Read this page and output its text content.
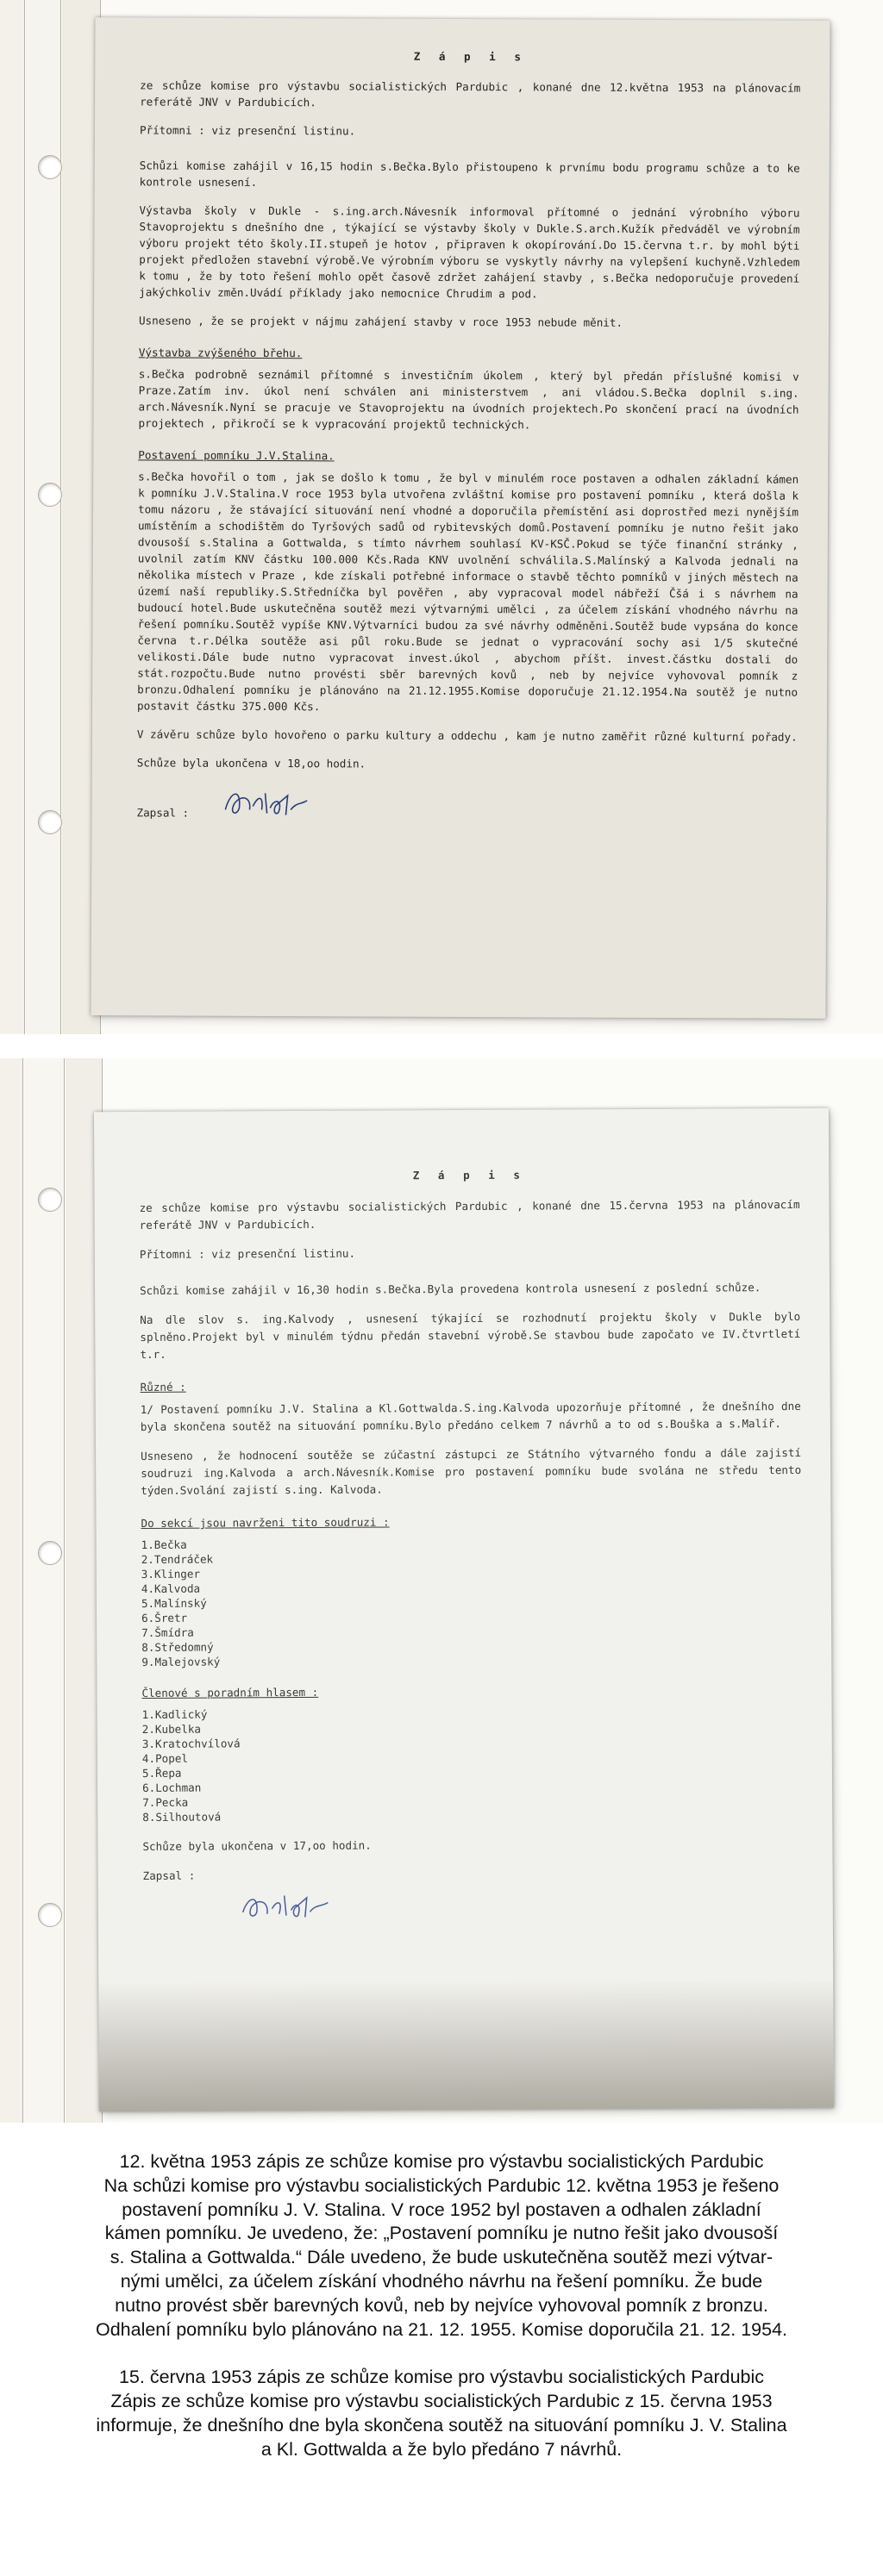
Z á p i s

ze schůze komise pro výstavbu socialistických Pardubic , konané dne 12.května 1953 na plánovacím referátě JNV v Pardubicích.

Přítomni : viz presenční listinu.

Schůzi komise zahájil v 16,15 hodin s.Bečka.Bylo přistoupeno k prvnímu bodu programu schůze a to ke kontrole usnesení.

Výstavba školy v Dukle - s.ing.arch.Návesník informoval přítomné o jednání výrobního výboru Stavoprojektu s dnešního dne , týkající se výstavby školy v Dukle.S.arch.Kužík předváděl ve výrobním výboru projekt této školy.II.stupeň je hotov , připraven k okopírování.Do 15.června t.r. by mohl býti projekt předložen stavební výrobě.Ve výrobním výboru se vyskytly návrhy na vylepšení kuchyně.Vzhledem k tomu , že by toto řešení mohlo opět časově zdržet zahájení stavby , s.Bečka nedoporučuje provedení jakýchkoliv změn.Uvádí příklady jako nemocnice Chrudim a pod.

Usneseno , že se projekt v nájmu zahájení stavby v roce 1953 nebude měnit.

Výstavba zvýšeného břehu.

s.Bečka podrobně seznámil přítomné s investičním úkolem , který byl předán příslušné komisi v Praze.Zatím inv. úkol není schválen ani ministerstvem , ani vládou.S.Bečka doplnil s.ing. arch.Návesník.Nyní se pracuje ve Stavoprojektu na úvodních projektech.Po skončení prací na úvodních projektech , přikročí se k vypracování projektů technických.

Postavení pomníku J.V.Stalina.

s.Bečka hovořil o tom , jak se došlo k tomu , že byl v minulém roce postaven a odhalen základní kámen k pomníku J.V.Stalina.V roce 1953 byla utvořena zvláštní komise pro postavení pomníku , která došla k tomu názoru , že stávající situování není vhodné a doporučila přemístění asi doprostřed mezi nynějším umístěním a schodištěm do Tyršových sadů od rybitevských domů.Postavení pomníku je nutno řešit jako dvousoší s.Stalina a Gottwalda, s tímto návrhem souhlasí KV-KSČ.Pokud se týče finanční stránky , uvolnil zatím KNV částku 100.000 Kčs.Rada KNV uvolnění schválila.S.Malínský a Kalvoda jednali na několika místech v Praze , kde získali potřebné informace o stavbě těchto pomníků v jiných městech na území naší republiky.S.Středníčka byl pověřen , aby vypracoval model nábřeží Čšá i s návrhem na budoucí hotel.Bude uskutečněna soutěž mezi výtvarnými umělci , za účelem získání vhodného návrhu na řešení pomníku.Soutěž vypíše KNV.Výtvarníci budou za své návrhy odměněni.Soutěž bude vypsána do konce června t.r.Délka soutěže asi půl roku.Bude se jednat o vypracování sochy asi 1/5 skutečné velikosti.Dále bude nutno vypracovat invest.úkol , abychom příšt. invest.částku dostali do stát.rozpočtu.Bude nutno provésti sběr barevných kovů , neb by nejvíce vyhovoval pomník z bronzu.Odhalení pomníku je plánováno na 21.12.1955.Komise doporučuje 21.12.1954.Na soutěž je nutno postavit částku 375.000 Kčs.

V závěru schůze bylo hovořeno o parku kultury a oddechu , kam je nutno zaměřit různé kulturní pořady.

Schůze byla ukončena v 18,oo hodin.

Zapsal :
Z á p i s

ze schůze komise pro výstavbu socialistických Pardubic , konané dne 15.června 1953 na plánovacím referátě JNV v Pardubicích.

Přítomni : viz presenční listinu.

Schůzi komise zahájil v 16,30 hodin s.Bečka.Byla provedena kontrola usnesení z poslední schůze.

Na dle slov s. ing.Kalvody , usnesení týkající se rozhodnutí projektu školy v Dukle bylo splněno.Projekt byl v minulém týdnu předán stavební výrobě.Se stavbou bude započato ve IV.čtvrtletí t.r.

Různé :

1/ Postavení pomníku J.V. Stalina a Kl.Gottwalda.S.ing.Kalvoda upozorňuje přítomné , že dnešního dne byla skončena soutěž na situování pomníku.Bylo předáno celkem 7 návrhů a to od s.Bouška a s.Malíř.

Usneseno , že hodnocení soutěže se zúčastní zástupci ze Státního výtvarného fondu a dále zajistí soudruzi ing.Kalvoda a arch.Návesník.Komise pro postavení pomníku bude svolána ne středu tento týden.Svolání zajistí s.ing. Kalvoda.

Do sekcí jsou navrženi tito soudruzi :
1.Bečka
2.Tendráček
3.Klinger
4.Kalvoda
5.Malínský
6.Šretr
7.Šmídra
8.Středomný
9.Malejovský
Členové s poradním hlasem :
1.Kadlický
2.Kubelka
3.Kratochvílová
4.Popel
5.Řepa
6.Lochman
7.Pecka
8.Silhoutová

Schůze byla ukončena v 17,oo hodin.

Zapsal :

12. května 1953 zápis ze schůze komise pro výstavbu socialistických Pardubic

Na schůzi komise pro výstavbu socialistických Pardubic 12. května 1953 je řešeno

postavení pomníku J. V. Stalina. V roce 1952 byl postaven a odhalen základní

kámen pomníku. Je uvedeno, že: „Postavení pomníku je nutno řešit jako dvousoší

s. Stalina a Gottwalda.“ Dále uvedeno, že bude uskutečněna soutěž mezi výtvar-

nými umělci, za účelem získání vhodného návrhu na řešení pomníku. Že bude

nutno provést sběr barevných kovů, neb by nejvíce vyhovoval pomník z bronzu.

Odhalení pomníku bylo plánováno na 21. 12. 1955. Komise doporučila 21. 12. 1954.

15. června 1953 zápis ze schůze komise pro výstavbu socialistických Pardubic

Zápis ze schůze komise pro výstavbu socialistických Pardubic z 15. června 1953

informuje, že dnešního dne byla skončena soutěž na situování pomníku J. V. Stalina

a Kl. Gottwalda a že bylo předáno 7 návrhů.
